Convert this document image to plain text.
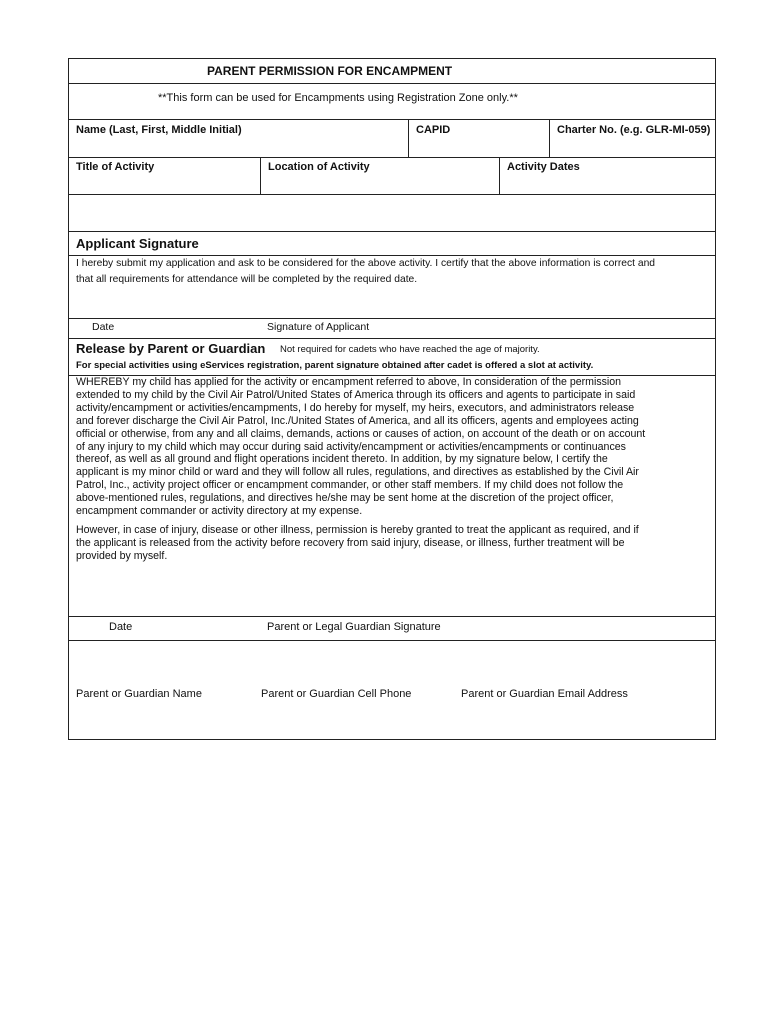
PARENT PERMISSION FOR ENCAMPMENT
**This form can be used for Encampments using Registration Zone only.**
Name (Last, First, Middle Initial)	CAPID	Charter No. (e.g. GLR-MI-059)
Title of Activity	Location of Activity	Activity Dates
Applicant Signature
I hereby submit my application and ask to be considered for the above activity. I certify that the above information is correct and
that all requirements for attendance will be completed by the required date.
Date	Signature of Applicant
Release by Parent or Guardian Not required for cadets who have reached the age of majority.
For special activities using eServices registration, parent signature obtained after cadet is offered a slot at activity.
WHEREBY my child has applied for the activity or encampment referred to above, In consideration of the permission
extended to my child by the Civil Air Patrol/United States of America through its officers and agents to participate in said
activity/encampment or activities/encampments, I do hereby for myself, my heirs, executors, and administrators release
and forever discharge the Civil Air Patrol, Inc./United States of America, and all its officers, agents and employees acting
official or otherwise, from any and all claims, demands, actions or causes of action, on account of the death or on account
of any injury to my child which may occur during said activity/encampment or activities/encampments or continuances
thereof, as well as all ground and flight operations incident thereto. In addition, by my signature below, I certify the
applicant is my minor child or ward and they will follow all rules, regulations, and directives as established by the Civil Air
Patrol, Inc., activity project officer or encampment commander, or other staff members. If my child does not follow the
above-mentioned rules, regulations, and directives he/she may be sent home at the discretion of the project officer,
encampment commander or activity directory at my expense.
However, in case of injury, disease or other illness, permission is hereby granted to treat the applicant as required, and if
the applicant is released from the activity before recovery from said injury, disease, or illness, further treatment will be
provided by myself.
Date	Parent or Legal Guardian Signature
Parent or Guardian Name	Parent or Guardian Cell Phone	Parent or Guardian Email Address
